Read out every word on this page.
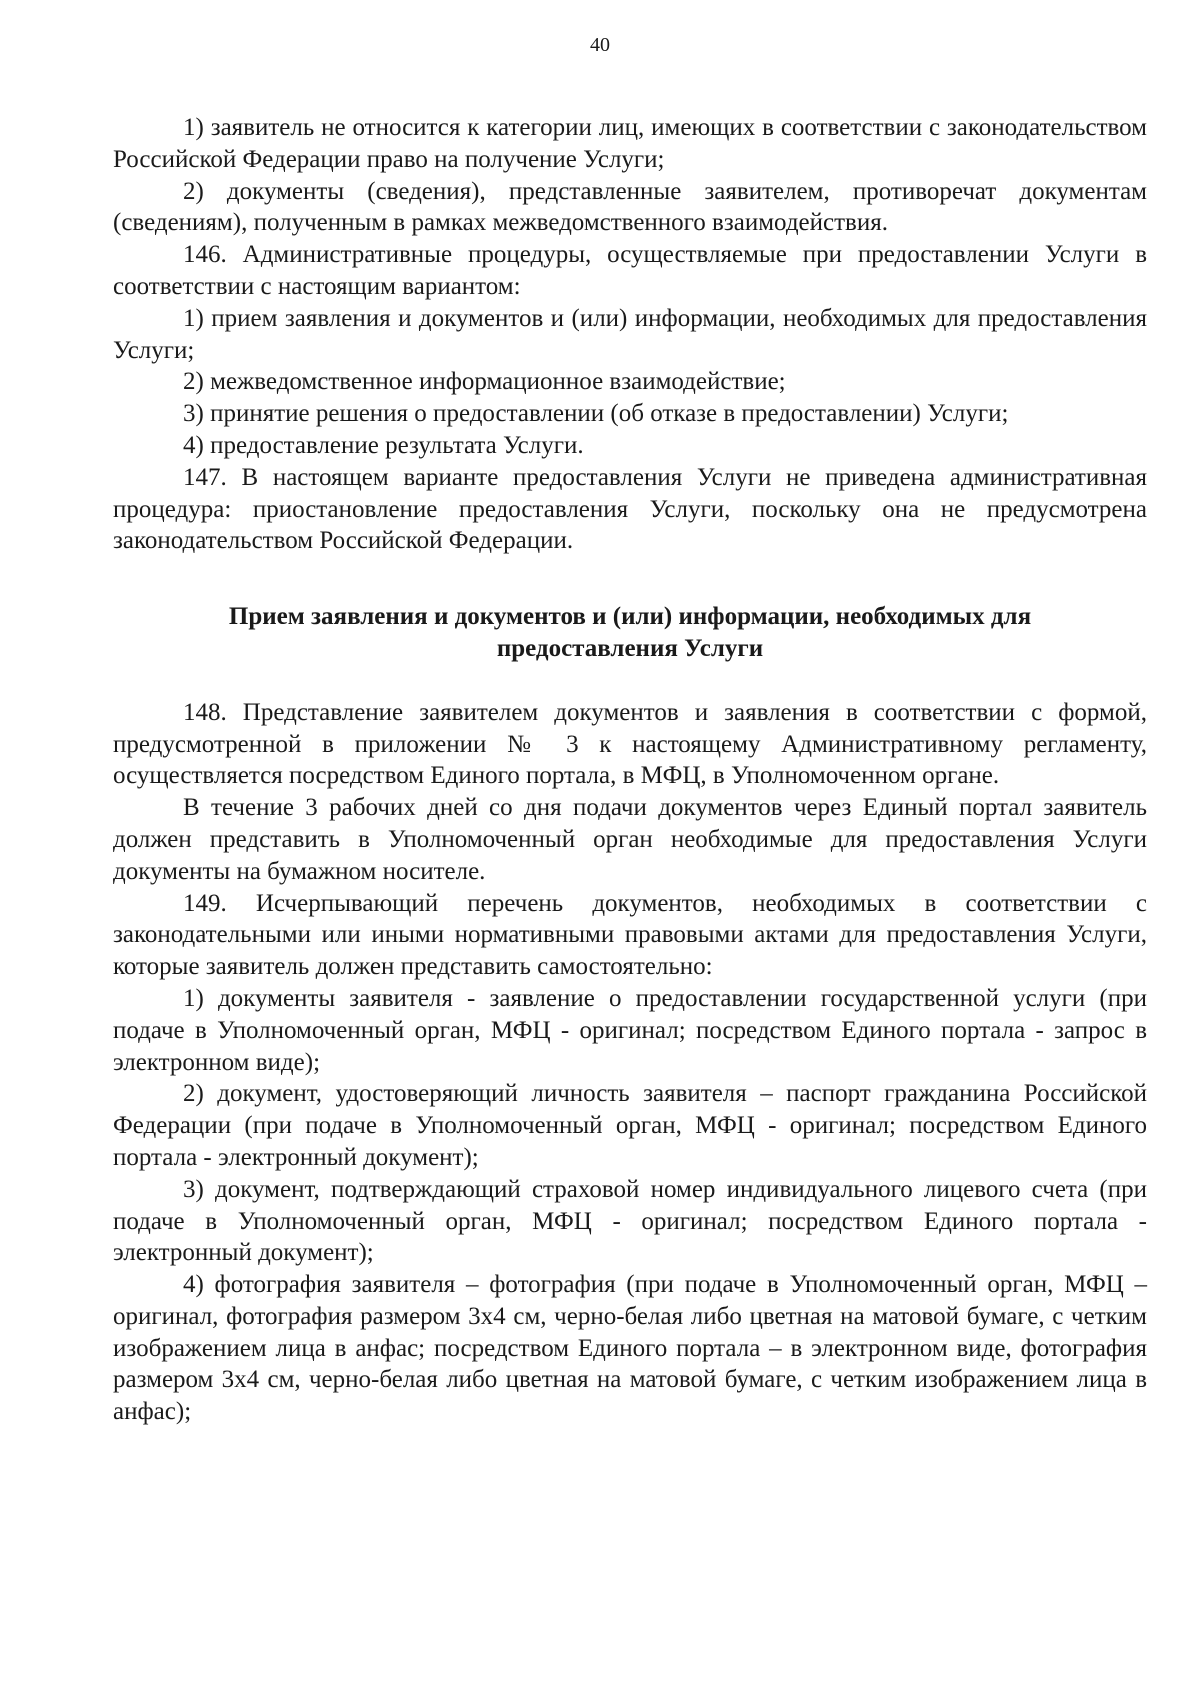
40

1) заявитель не относится к категории лиц, имеющих в соответствии с законодательством Российской Федерации право на получение Услуги;

2) документы (сведения), представленные заявителем, противоречат документам (сведениям), полученным в рамках межведомственного взаимодействия.

146. Административные процедуры, осуществляемые при предоставлении Услуги в соответствии с настоящим вариантом:

1) прием заявления и документов и (или) информации, необходимых для предоставления Услуги;

2) межведомственное информационное взаимодействие;

3) принятие решения о предоставлении (об отказе в предоставлении) Услуги;

4) предоставление результата Услуги.

147. В настоящем варианте предоставления Услуги не приведена административная процедура: приостановление предоставления Услуги, поскольку она не предусмотрена законодательством Российской Федерации.

Прием заявления и документов и (или) информации, необходимых для
предоставления Услуги

148. Представление заявителем документов и заявления в соответствии с формой, предусмотренной в приложении № 3 к настоящему Административному регламенту, осуществляется посредством Единого портала, в МФЦ, в Уполномоченном органе.

В течение 3 рабочих дней со дня подачи документов через Единый портал заявитель должен представить в Уполномоченный орган необходимые для предоставления Услуги документы на бумажном носителе.

149. Исчерпывающий перечень документов, необходимых в соответствии с законодательными или иными нормативными правовыми актами для предоставления Услуги, которые заявитель должен представить самостоятельно:

1) документы заявителя - заявление о предоставлении государственной услуги (при подаче в Уполномоченный орган, МФЦ - оригинал; посредством Единого портала - запрос в электронном виде);

2) документ, удостоверяющий личность заявителя – паспорт гражданина Российской Федерации (при подаче в Уполномоченный орган, МФЦ - оригинал; посредством Единого портала - электронный документ);

3) документ, подтверждающий страховой номер индивидуального лицевого счета (при подаче в Уполномоченный орган, МФЦ - оригинал; посредством Единого портала - электронный документ);

4) фотография заявителя – фотография (при подаче в Уполномоченный орган, МФЦ – оригинал, фотография размером 3х4 см, черно-белая либо цветная на матовой бумаге, с четким изображением лица в анфас; посредством Единого портала – в электронном виде, фотография размером 3х4 см, черно-белая либо цветная на матовой бумаге, с четким изображением лица в анфас);
